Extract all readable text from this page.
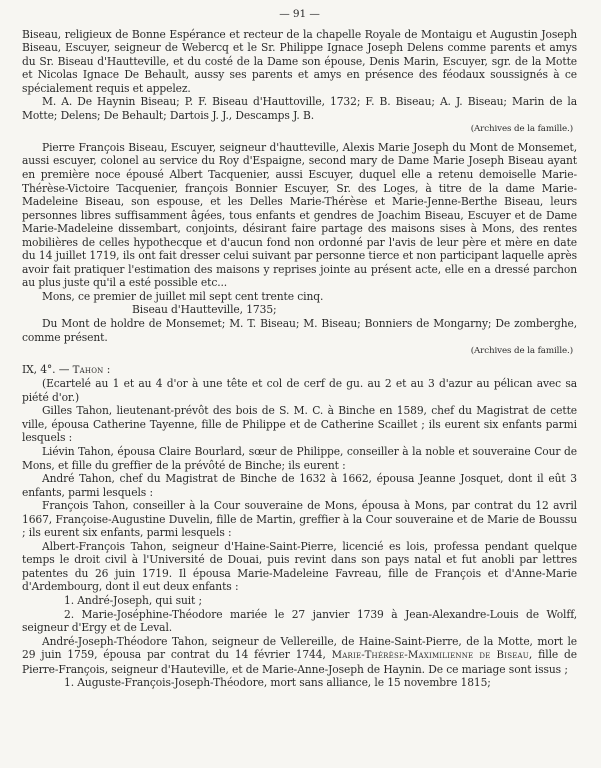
— 91 —

Biseau, religieux de Bonne Espérance et recteur de la chapelle Royale de Montaigu et Augustin Joseph Biseau, Escuyer, seigneur de Webercq et le Sr. Philippe Ignace Joseph Delens comme parents et amys du Sr. Biseau d'Hautteville, et du costé de la Dame son épouse, Denis Marin, Escuyer, sgr. de la Motte et Nicolas Ignace De Behault, aussy ses parents et amys en présence des féodaux soussignés à ce spécialement requis et appelez.

M. A. De Haynin Biseau; P. F. Biseau d'Hauttoville, 1732; F. B. Biseau; A. J. Biseau; Marin de la Motte; Delens; De Behault; Dartois J. J., Descamps J. B.

(Archives de la famille.)

Pierre François Biseau, Escuyer, seigneur d'hautteville, Alexis Marie Joseph du Mont de Monsemet, aussi escuyer, colonel au service du Roy d'Espaigne, second mary de Dame Marie Joseph Biseau ayant en première noce épousé Albert Tacquenier, aussi Escuyer, duquel elle a retenu demoiselle Marie-Thérèse-Victoire Tacquenier, françois Bonnier Escuyer, Sr. des Loges, à titre de la dame Marie-Madeleine Biseau, son espouse, et les Delles Marie-Thérèse et Marie-Jenne-Berthe Biseau, leurs personnes libres suffisamment âgées, tous enfants et gendres de Joachim Biseau, Escuyer et de Dame Marie-Madeleine dissembart, conjoints, désirant faire partage des maisons sises à Mons, des rentes mobilières de celles hypothecque et d'aucun fond non ordonné par l'avis de leur père et mère en date du 14 juillet 1719, ils ont fait dresser celui suivant par personne tierce et non participant laquelle après avoir fait pratiquer l'estimation des maisons y reprises jointe au présent acte, elle en a dressé parchon au plus juste qu'il a esté possible etc...

Mons, ce premier de juillet mil sept cent trente cinq.

Biseau d'Hautteville, 1735;

Du Mont de holdre de Monsemet; M. T. Biseau; M. Biseau; Bonniers de Mongarny; De zomberghe, comme présent.

(Archives de la famille.)

IX, 4°. — Tahon :

(Ecartelé au 1 et au 4 d'or à une tête et col de cerf de gu. au 2 et au 3 d'azur au pélican avec sa piété d'or.)

Gilles Tahon, lieutenant-prévôt des bois de S. M. C. à Binche en 1589, chef du Magistrat de cette ville, épousa Catherine Tayenne, fille de Philippe et de Catherine Scaillet ; ils eurent six enfants parmi lesquels :

Liévin Tahon, épousa Claire Bourlard, sœur de Philippe, conseiller à la noble et souveraine Cour de Mons, et fille du greffier de la prévôté de Binche; ils eurent :

André Tahon, chef du Magistrat de Binche de 1632 à 1662, épousa Jeanne Josquet, dont il eût 3 enfants, parmi lesquels :

François Tahon, conseiller à la Cour souveraine de Mons, épousa à Mons, par contrat du 12 avril 1667, Françoise-Augustine Duvelin, fille de Martin, greffier à la Cour souveraine et de Marie de Boussu ; ils eurent six enfants, parmi lesquels :

Albert-François Tahon, seigneur d'Haine-Saint-Pierre, licencié es lois, professa pendant quelque temps le droit civil à l'Université de Douai, puis revint dans son pays natal et fut anobli par lettres patentes du 26 juin 1719. Il épousa Marie-Madeleine Favreau, fille de François et d'Anne-Marie d'Ardembourg, dont il eut deux enfants :

1. André-Joseph, qui suit ;

2. Marie-Joséphine-Théodore mariée le 27 janvier 1739 à Jean-Alexandre-Louis de Wolff, seigneur d'Ergy et de Leval.

André-Joseph-Théodore Tahon, seigneur de Vellereille, de Haine-Saint-Pierre, de la Motte, mort le 29 juin 1759, épousa par contrat du 14 février 1744, Marie-Thérèse-Maximilienne de Biseau, fille de Pierre-François, seigneur d'Hauteville, et de Marie-Anne-Joseph de Haynin. De ce mariage sont issus ;

1. Auguste-François-Joseph-Théodore, mort sans alliance, le 15 novembre 1815;
